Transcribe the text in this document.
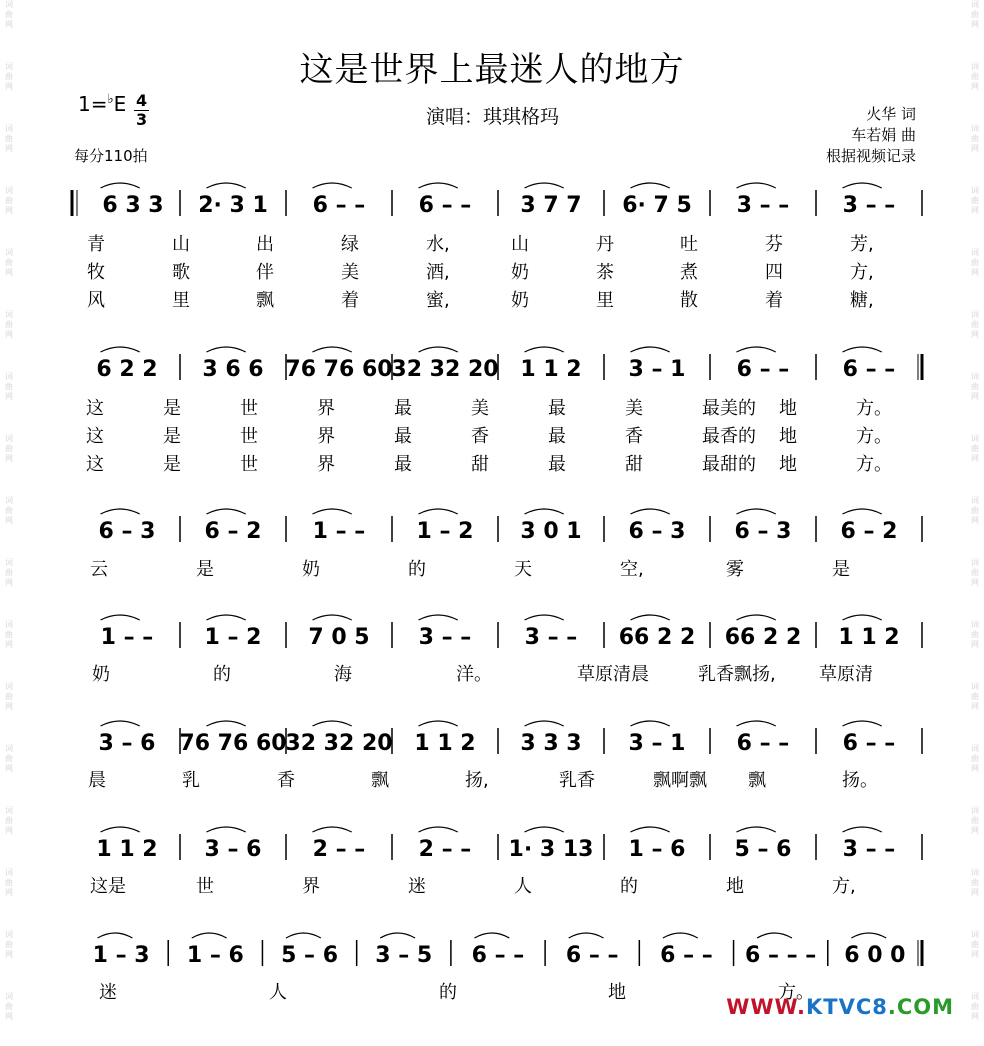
词
曲
网
词
曲
网
词
曲
网
词
曲
网
词
曲
网
词
曲
网
词
曲
网
词
曲
网
词
曲
网
词
曲
网
词
曲
网
词
曲
网
词
曲
网
词
曲
网
词
曲
网
词
曲
网
词
曲
网
词
曲
网
词
曲
网
词
曲
网
词
曲
网
词
曲
网
词
曲
网
词
曲
网
词
曲
网
词
曲
网
词
曲
网
词
曲
网
词
曲
网
词
曲
网
词
曲
网
词
曲
网
词
曲
网
词
曲
网
这是世界上最迷人的地方
1=♭E 4
3
每分110拍
演唱：琪琪格玛	火华 词
车若娟 曲
根据视频记录
6 3 3 2· 3 1 6 – – 6 – – 3 7 7 6· 7 5 3 – – 3 – –
青	山	出	绿	水,	山	丹	吐	芬	芳,
牧	歌	伴	美	酒,	奶	茶	煮	四	方,
风	里	飘	着	蜜,	奶	里	散	着	糖,
6 2 2 3 6 6 76 76 60
32 32 20 1 1 2 3 – 1 6 – – 6 – –
这	是	世	界	最	美	最	美	最美的 地	方。
这	是	世	界	最	香	最	香	最香的 地	方。
这	是	世	界	最	甜	最	甜	最甜的 地	方。
6 – 3 6 – 2 1 – – 1 – 2 3 0 1 6 – 3 6 – 3 6 – 2
云	是	奶	的	天	空,	雾	是
1 – – 1 – 2 7 0 5 3 – – 3 – – 66 2 2 66 2 2 1 1 2
奶	的	海	洋。	草原清晨	乳香飘扬, 草原清
3 – 6 76 76 60
32 32 20 1 1 2 3 3 3 3 – 1 6 – – 6 – –
晨	乳	香	飘	扬,	乳香	飘啊飘 飘	扬。
1 1 2 3 – 6 2 – – 2 – – 1· 3 13 1 – 6 5 – 6 3 – –
这是	世	界	迷	人	的	地	方,
1 – 3 1 – 6 5 – 6 3 – 5 6 – – 6 – – 6 – – 6 – – – 6 0 0
迷	人	的	地	方。
WWW.KTVC8.COM
